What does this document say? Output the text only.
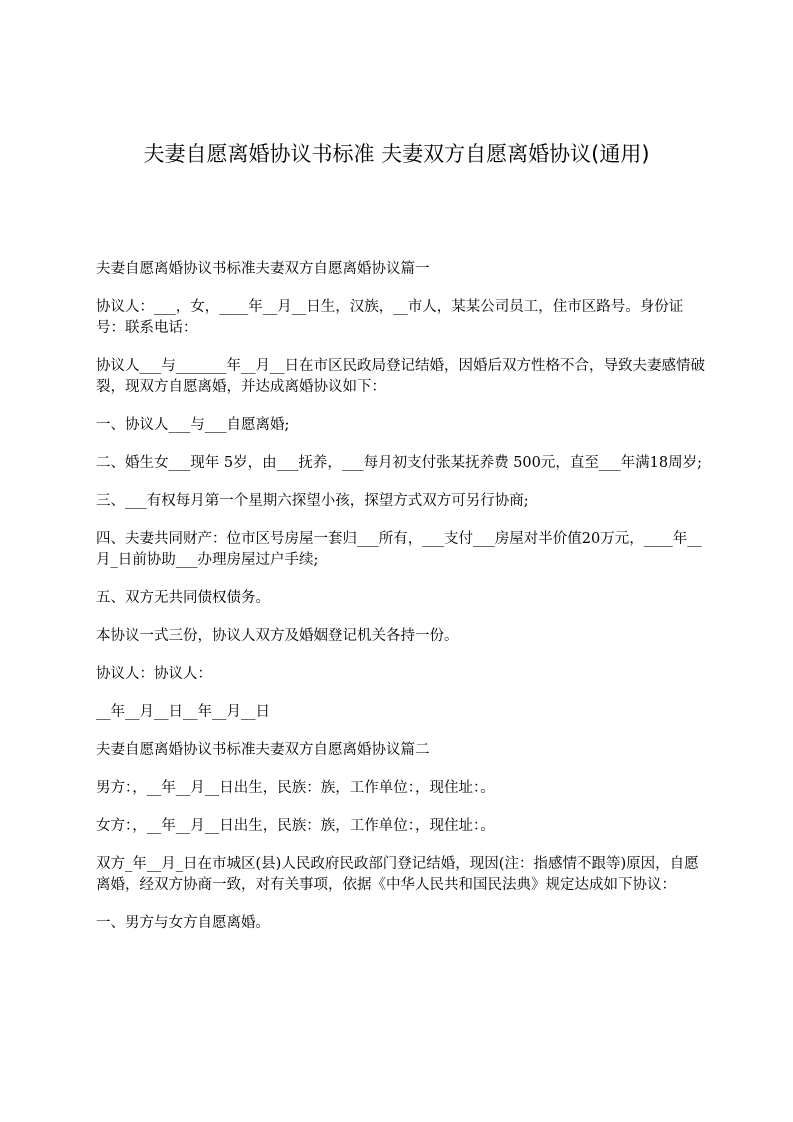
夫妻自愿离婚协议书标准 夫妻双方自愿离婚协议(通用)

夫妻自愿离婚协议书标准夫妻双方自愿离婚协议篇一

协议人：___，女，____年__月__日生，汉族，__市人，某某公司员工，住市区路号。身份证号：联系电话：

协议人___与_______年__月__日在市区民政局登记结婚，因婚后双方性格不合，导致夫妻感情破裂，现双方自愿离婚，并达成离婚协议如下：

一、协议人___与___自愿离婚;

二、婚生女___现年 5岁，由___抚养，___每月初支付张某抚养费 500元，直至___年满18周岁;

三、___有权每月第一个星期六探望小孩，探望方式双方可另行协商;

四、夫妻共同财产：位市区号房屋一套归___所有，___支付___房屋对半价值20万元，____年__月_日前协助___办理房屋过户手续;

五、双方无共同债权债务。

本协议一式三份，协议人双方及婚姻登记机关各持一份。

协议人：协议人：

__年__月__日__年__月__日

夫妻自愿离婚协议书标准夫妻双方自愿离婚协议篇二

男方：，__年__月__日出生，民族：族，工作单位：，现住址：。

女方：，__年__月__日出生，民族：族，工作单位：，现住址：。

双方_年__月_日在市城区(县)人民政府民政部门登记结婚，现因(注：指感情不跟等)原因，自愿离婚，经双方协商一致，对有关事项，依据《中华人民共和国民法典》规定达成如下协议：

一、男方与女方自愿离婚。
